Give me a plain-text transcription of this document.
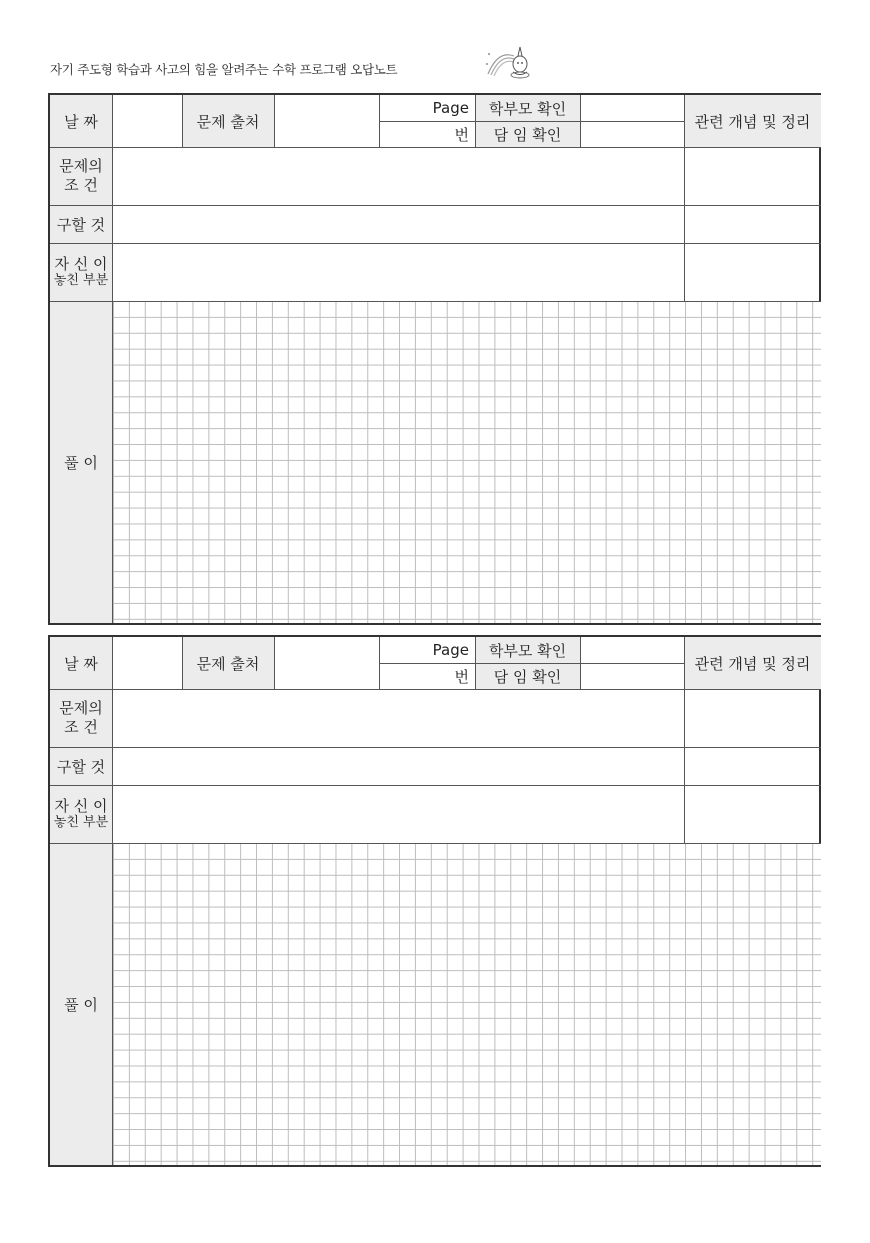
자기 주도형 학습과 사고의 힘을 알려주는 수학 프로그램 오답노트
날 짜	문제 출처
Page
번
학부모 확인
담 임 확인
관련 개념 및 정리
문제의
조 건
구할 것
자 신 이
놓친 부분
풀 이
날 짜	문제 출처
Page
번
학부모 확인
담 임 확인
관련 개념 및 정리
문제의
조 건
구할 것
자 신 이
놓친 부분
풀 이
